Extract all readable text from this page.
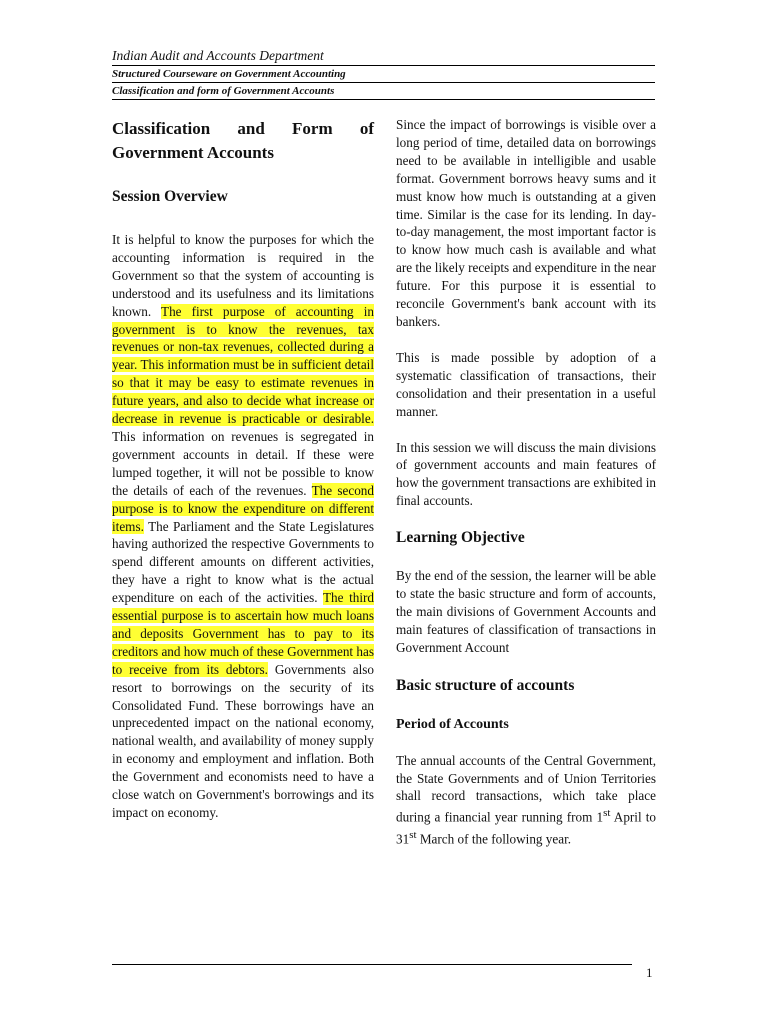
Indian Audit and Accounts Department
Structured Courseware on Government Accounting
Classification and form of Government Accounts
Classification and Form of
Government Accounts
Session Overview

It is helpful to know the purposes for which the accounting information is required in the Government so that the system of accounting is understood and its usefulness and its limitations known. The first purpose of accounting in government is to know the revenues, tax revenues or non-tax revenues, collected during a year. This information must be in sufficient detail so that it may be easy to estimate revenues in future years, and also to decide what increase or decrease in revenue is practicable or desirable. This information on revenues is segregated in government accounts in detail. If these were lumped together, it will not be possible to know the details of each of the revenues. The second purpose is to know the expenditure on different items. The Parliament and the State Legislatures having authorized the respective Governments to spend different amounts on different activities, they have a right to know what is the actual expenditure on each of the activities. The third essential purpose is to ascertain how much loans and deposits Government has to pay to its creditors and how much of these Government has to receive from its debtors. Governments also resort to borrowings on the security of its Consolidated Fund. These borrowings have an unprecedented impact on the national economy, national wealth, and availability of money supply in economy and employment and inflation. Both the Government and economists need to have a close watch on Government's borrowings and its impact on economy.

Since the impact of borrowings is visible over a long period of time, detailed data on borrowings need to be available in intelligible and usable format. Government borrows heavy sums and it must know how much is outstanding at a given time. Similar is the case for its lending. In day-to-day management, the most important factor is to know how much cash is available and what are the likely receipts and expenditure in the near future. For this purpose it is essential to reconcile Government's bank account with its bankers.

This is made possible by adoption of a systematic classification of transactions, their consolidation and their presentation in a useful manner.

In this session we will discuss the main divisions of government accounts and main features of how the government transactions are exhibited in final accounts.

Learning Objective

By the end of the session, the learner will be able to state the basic structure and form of accounts, the main divisions of Government Accounts and main features of classification of transactions in Government Account

Basic structure of accounts
Period of Accounts

The annual accounts of the Central Government, the State Governments and of Union Territories shall record transactions, which take place during a financial year running from 1st April to 31st March of the following year.

1
